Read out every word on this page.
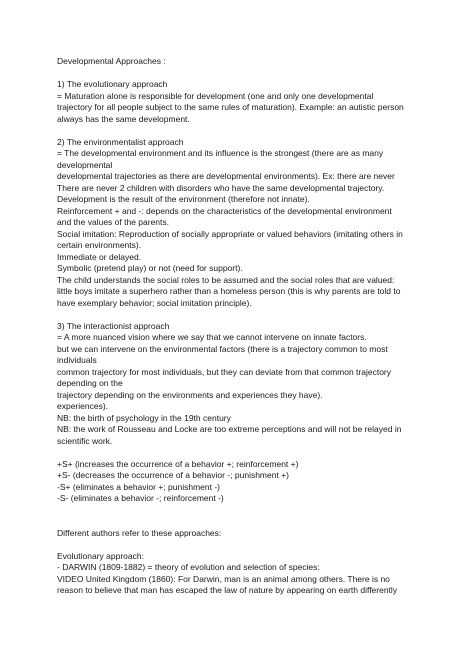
Developmental Approaches :
1) The evolutionary approach
= Maturation alone is responsible for development (one and only one developmental
trajectory for all people subject to the same rules of maturation). Example: an autistic person
always has the same development.
2) The environmentalist approach
= The developmental environment and its influence is the strongest (there are as many
developmental
developmental trajectories as there are developmental environments). Ex: there are never
There are never 2 children with disorders who have the same developmental trajectory.
Development is the result of the environment (therefore not innate).
Reinforcement + and -: depends on the characteristics of the developmental environment
and the values of the parents.
Social imitation: Reproduction of socially appropriate or valued behaviors (imitating others in
certain environments).
Immediate or delayed.
Symbolic (pretend play) or not (need for support).
The child understands the social roles to be assumed and the social roles that are valued:
little boys imitate a superhero rather than a homeless person (this is why parents are told to
have exemplary behavior; social imitation principle).
3) The interactionist approach
= A more nuanced vision where we say that we cannot intervene on innate factors.
but we can intervene on the environmental factors (there is a trajectory common to most
individuals
common trajectory for most individuals, but they can deviate from that common trajectory
depending on the
trajectory depending on the environments and experiences they have).
experiences).
NB: the birth of psychology in the 19th century
NB: the work of Rousseau and Locke are too extreme perceptions and will not be relayed in
scientific work.
+S+ (increases the occurrence of a behavior +; reinforcement +)
+S- (decreases the occurrence of a behavior -; punishment +)
-S+ (eliminates a behavior +; punishment -)
-S- (eliminates a behavior -; reinforcement -)
Different authors refer to these approaches:
Evolutionary approach:
- DARWIN (1809-1882) = theory of evolution and selection of species:
VIDEO United Kingdom (1860): For Darwin, man is an animal among others. There is no
reason to believe that man has escaped the law of nature by appearing on earth differently
